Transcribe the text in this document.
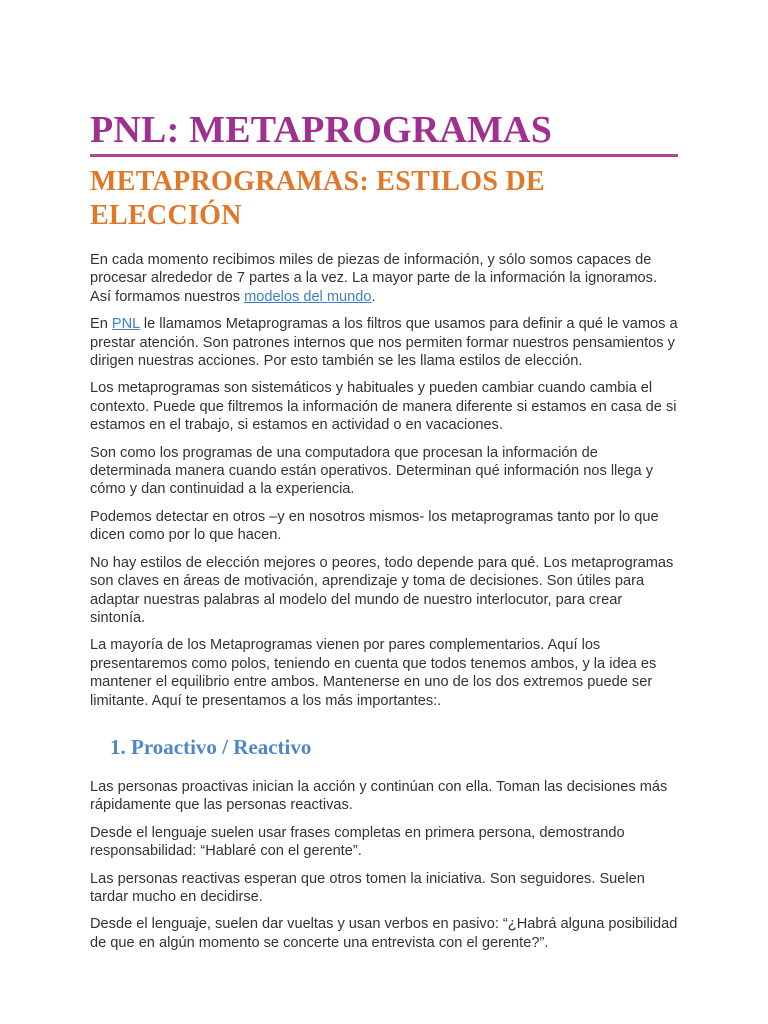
PNL: METAPROGRAMAS
METAPROGRAMAS: ESTILOS DE ELECCIÓN

En cada momento recibimos miles de piezas de información, y sólo somos capaces de procesar alrededor de 7 partes a la vez. La mayor parte de la información la ignoramos. Así formamos nuestros modelos del mundo.

En PNL le llamamos Metaprogramas a los filtros que usamos para definir a qué le vamos a prestar atención. Son patrones internos que nos permiten formar nuestros pensamientos y dirigen nuestras acciones. Por esto también se les llama estilos de elección.

Los metaprogramas son sistemáticos y habituales y pueden cambiar cuando cambia el contexto. Puede que filtremos la información de manera diferente si estamos en casa de si estamos en el trabajo, si estamos en actividad o en vacaciones.

Son como los programas de una computadora que procesan la información de determinada manera cuando están operativos. Determinan qué información nos llega y cómo y dan continuidad a la experiencia.

Podemos detectar en otros –y en nosotros mismos- los metaprogramas tanto por lo que dicen como por lo que hacen.

No hay estilos de elección mejores o peores, todo depende para qué. Los metaprogramas son claves en áreas de motivación, aprendizaje y toma de decisiones. Son útiles para adaptar nuestras palabras al modelo del mundo de nuestro interlocutor, para crear sintonía.

La mayoría de los Metaprogramas vienen por pares complementarios. Aquí los presentaremos como polos, teniendo en cuenta que todos tenemos ambos, y la idea es mantener el equilibrio entre ambos. Mantenerse en uno de los dos extremos puede ser limitante. Aquí te presentamos a los más importantes:.

1. Proactivo / Reactivo

Las personas proactivas inician la acción y continúan con ella. Toman las decisiones más rápidamente que las personas reactivas.

Desde el lenguaje suelen usar frases completas en primera persona, demostrando responsabilidad: “Hablaré con el gerente”.

Las personas reactivas esperan que otros tomen la iniciativa. Son seguidores. Suelen tardar mucho en decidirse.

Desde el lenguaje, suelen dar vueltas y usan verbos en pasivo: “¿Habrá alguna posibilidad de que en algún momento se concerte una entrevista con el gerente?”.
